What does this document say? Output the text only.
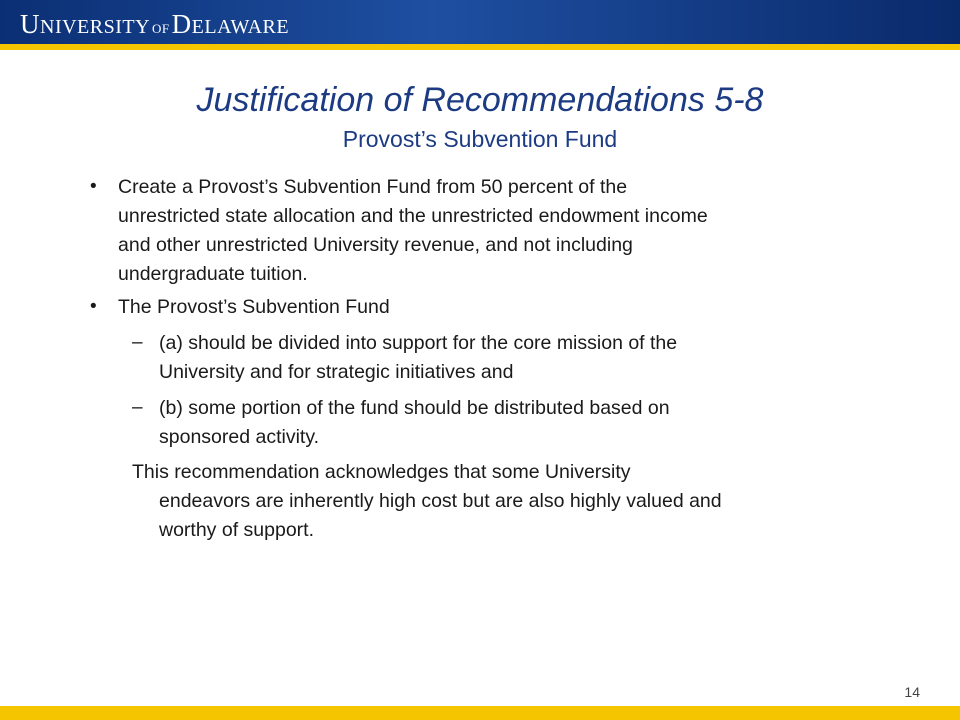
UNIVERSITY OFDELAWARE
Justification of Recommendations 5-8
Provost’s Subvention Fund
• Create a Provost’s Subvention Fund from 50 percent of the
unrestricted state allocation and the unrestricted endowment income
and other unrestricted University revenue, and not including
undergraduate tuition.
• The Provost’s Subvention Fund
– (a) should be divided into support for the core mission of the
University and for strategic initiatives and
– (b) some portion of the fund should be distributed based on
sponsored activity.
This recommendation acknowledges that some University
endeavors are inherently high cost but are also highly valued and
worthy of support.
14
